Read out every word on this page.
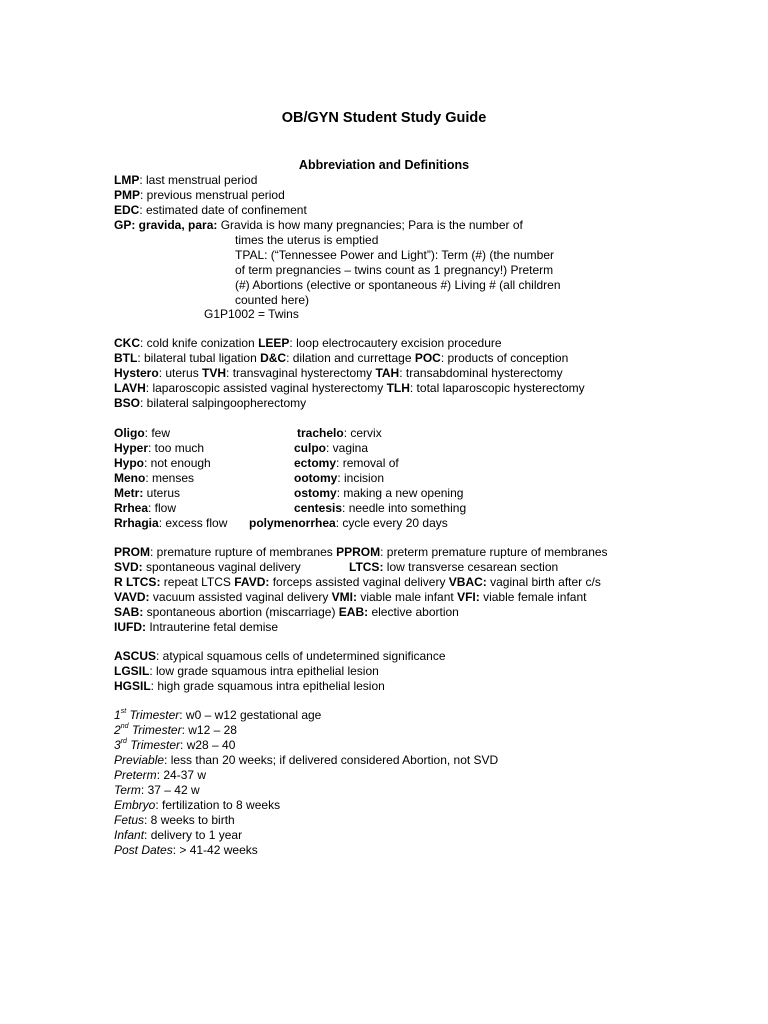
OB/GYN Student Study Guide
Abbreviation and Definitions
LMP: last menstrual period
PMP: previous menstrual period
EDC: estimated date of confinement
GP: gravida, para: Gravida is how many pregnancies; Para is the number of
times the uterus is emptied
TPAL: (“Tennessee Power and Light”): Term (#) (the number
of term pregnancies – twins count as 1 pregnancy!) Preterm
(#) Abortions (elective or spontaneous #) Living # (all children
counted here)
G1P1002 = Twins
CKC: cold knife conization LEEP: loop electrocautery excision procedure
BTL: bilateral tubal ligation D&C: dilation and currettage POC: products of conception
Hystero: uterus TVH: transvaginal hysterectomy TAH: transabdominal hysterectomy
LAVH: laparoscopic assisted vaginal hysterectomy TLH: total laparoscopic hysterectomy
BSO: bilateral salpingoopherectomy
Oligo: few
Hyper: too much
Hypo: not enough
Meno: menses
Metr: uterus
Rrhea: flow
Rrhagia: excess flow
trachelo: cervix
culpo: vagina
ectomy: removal of
ootomy: incision
ostomy: making a new opening
centesis: needle into something
polymenorrhea: cycle every 20 days
PROM: premature rupture of membranes PPROM: preterm premature rupture of membranes
SVD: spontaneous vaginal delivery	LTCS: low transverse cesarean section
R LTCS: repeat LTCS FAVD: forceps assisted vaginal delivery VBAC: vaginal birth after c/s
VAVD: vacuum assisted vaginal delivery VMI: viable male infant VFI: viable female infant
SAB: spontaneous abortion (miscarriage) EAB: elective abortion
IUFD: Intrauterine fetal demise
ASCUS: atypical squamous cells of undetermined significance
LGSIL: low grade squamous intra epithelial lesion
HGSIL: high grade squamous intra epithelial lesion
1st Trimester: w0 – w12 gestational age
2nd Trimester: w12 – 28
3rd Trimester: w28 – 40
Previable: less than 20 weeks; if delivered considered Abortion, not SVD
Preterm: 24-37 w
Term: 37 – 42 w
Embryo: fertilization to 8 weeks
Fetus: 8 weeks to birth
Infant: delivery to 1 year
Post Dates: > 41-42 weeks
